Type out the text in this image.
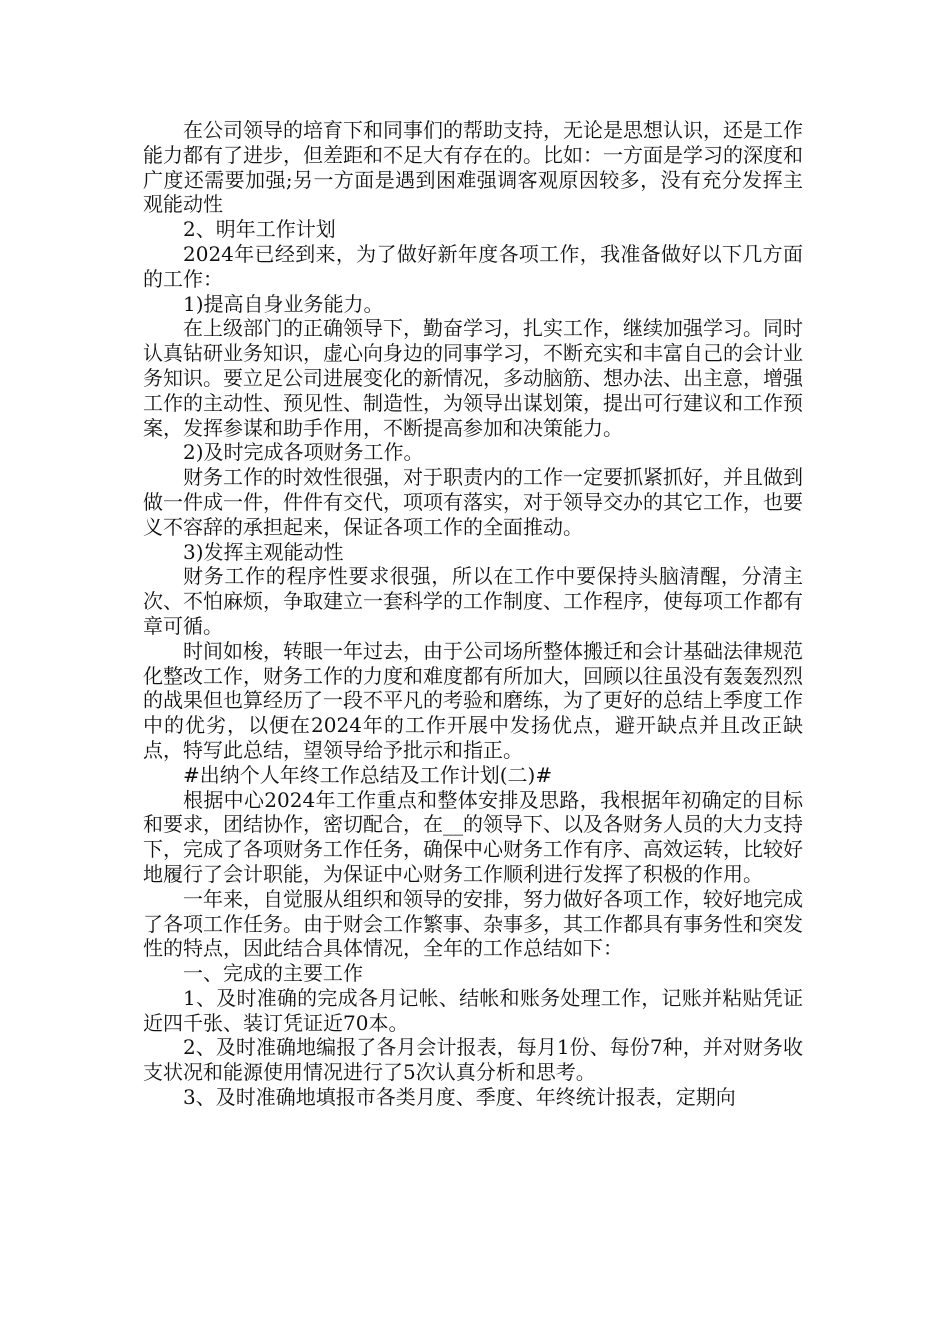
在公司领导的培育下和同事们的帮助支持，无论是思想认识，还是工作能力都有了进步，但差距和不足大有存在的。比如：一方面是学习的深度和广度还需要加强;另一方面是遇到困难强调客观原因较多，没有充分发挥主观能动性

2、明年工作计划

2024年已经到来，为了做好新年度各项工作，我准备做好以下几方面的工作：

1)提高自身业务能力。

在上级部门的正确领导下，勤奋学习，扎实工作，继续加强学习。同时认真钻研业务知识，虚心向身边的同事学习，不断充实和丰富自己的会计业务知识。要立足公司进展变化的新情况，多动脑筋、想办法、出主意，增强工作的主动性、预见性、制造性，为领导出谋划策，提出可行建议和工作预案，发挥参谋和助手作用，不断提高参加和决策能力。

2)及时完成各项财务工作。

财务工作的时效性很强，对于职责内的工作一定要抓紧抓好，并且做到做一件成一件，件件有交代，项项有落实，对于领导交办的其它工作，也要义不容辞的承担起来，保证各项工作的全面推动。

3)发挥主观能动性

财务工作的程序性要求很强，所以在工作中要保持头脑清醒，分清主次、不怕麻烦，争取建立一套科学的工作制度、工作程序，使每项工作都有章可循。

时间如梭，转眼一年过去，由于公司场所整体搬迁和会计基础法律规范化整改工作，财务工作的力度和难度都有所加大，回顾以往虽没有轰轰烈烈的战果但也算经历了一段不平凡的考验和磨练，为了更好的总结上季度工作中的优劣，以便在2024年的工作开展中发扬优点，避开缺点并且改正缺点，特写此总结，望领导给予批示和指正。

#出纳个人年终工作总结及工作计划(二)#

根据中心2024年工作重点和整体安排及思路，我根据年初确定的目标和要求，团结协作，密切配合，在__的领导下、以及各财务人员的大力支持下，完成了各项财务工作任务，确保中心财务工作有序、高效运转，比较好地履行了会计职能，为保证中心财务工作顺利进行发挥了积极的作用。

一年来，自觉服从组织和领导的安排，努力做好各项工作，较好地完成了各项工作任务。由于财会工作繁事、杂事多，其工作都具有事务性和突发性的特点，因此结合具体情况，全年的工作总结如下：

一、完成的主要工作

1、及时准确的完成各月记帐、结帐和账务处理工作，记账并粘贴凭证近四千张、装订凭证近70本。

2、及时准确地编报了各月会计报表，每月1份、每份7种，并对财务收支状况和能源使用情况进行了5次认真分析和思考。

3、及时准确地填报市各类月度、季度、年终统计报表，定期向
